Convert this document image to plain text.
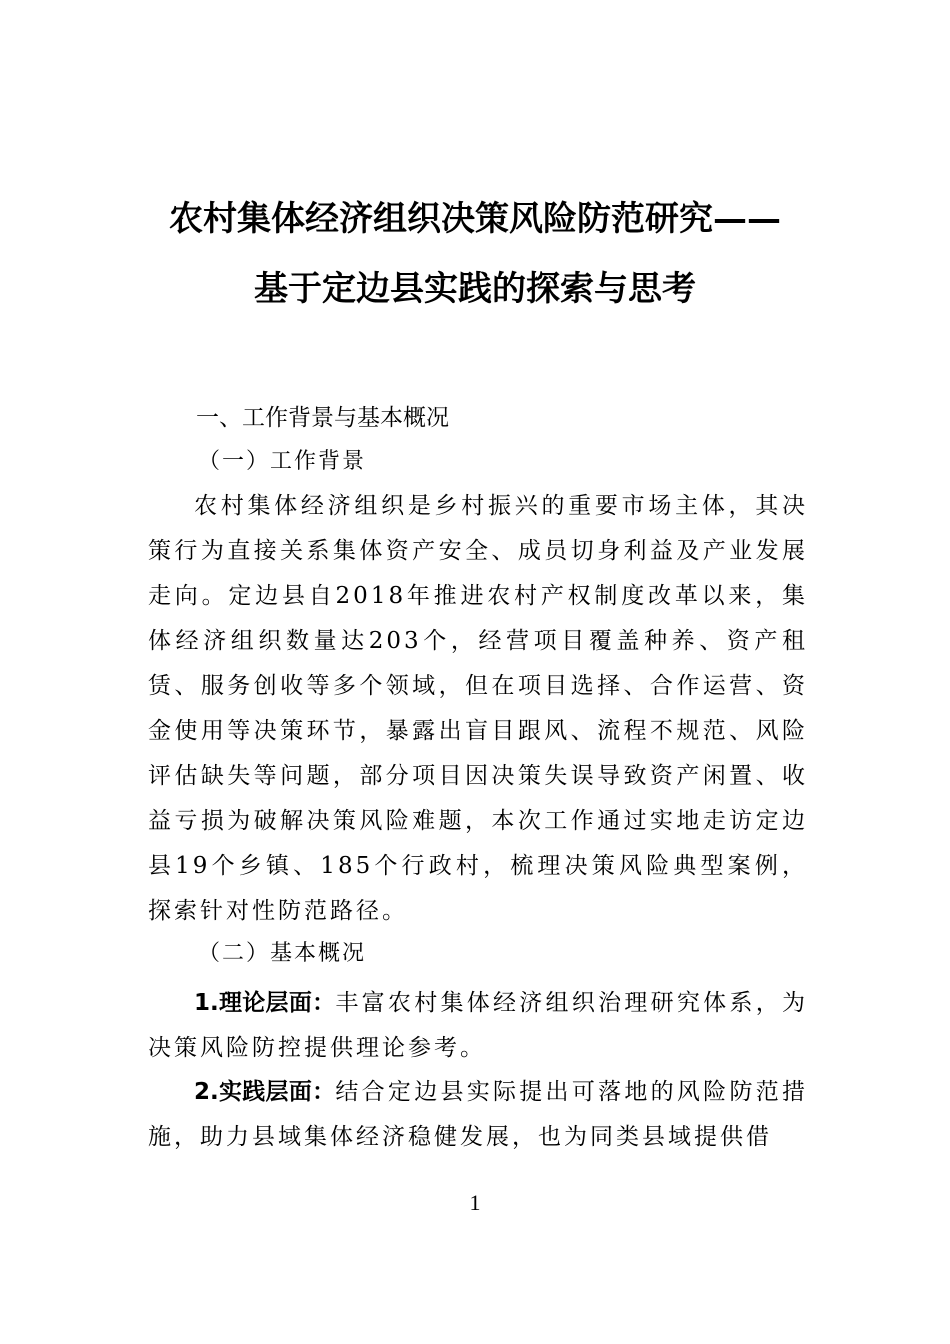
农村集体经济组织决策风险防范研究——
基于定边县实践的探索与思考
一、工作背景与基本概况
（一）工作背景
农村集体经济组织是乡村振兴的重要市场主体，其决策行为直接关系集体资产安全、成员切身利益及产业发展走向。定边县自2018年推进农村产权制度改革以来，集体经济组织数量达203个，经营项目覆盖种养、资产租赁、服务创收等多个领域，但在项目选择、合作运营、资金使用等决策环节，暴露出盲目跟风、流程不规范、风险评估缺失等问题，部分项目因决策失误导致资产闲置、收益亏损为破解决策风险难题，本次工作通过实地走访定边县19个乡镇、185个行政村，梳理决策风险典型案例，探索针对性防范路径。
（二）基本概况
1.理论层面：丰富农村集体经济组织治理研究体系，为决策风险防控提供理论参考。
2.实践层面：结合定边县实际提出可落地的风险防范措施，助力县域集体经济稳健发展，也为同类县域提供借
1
